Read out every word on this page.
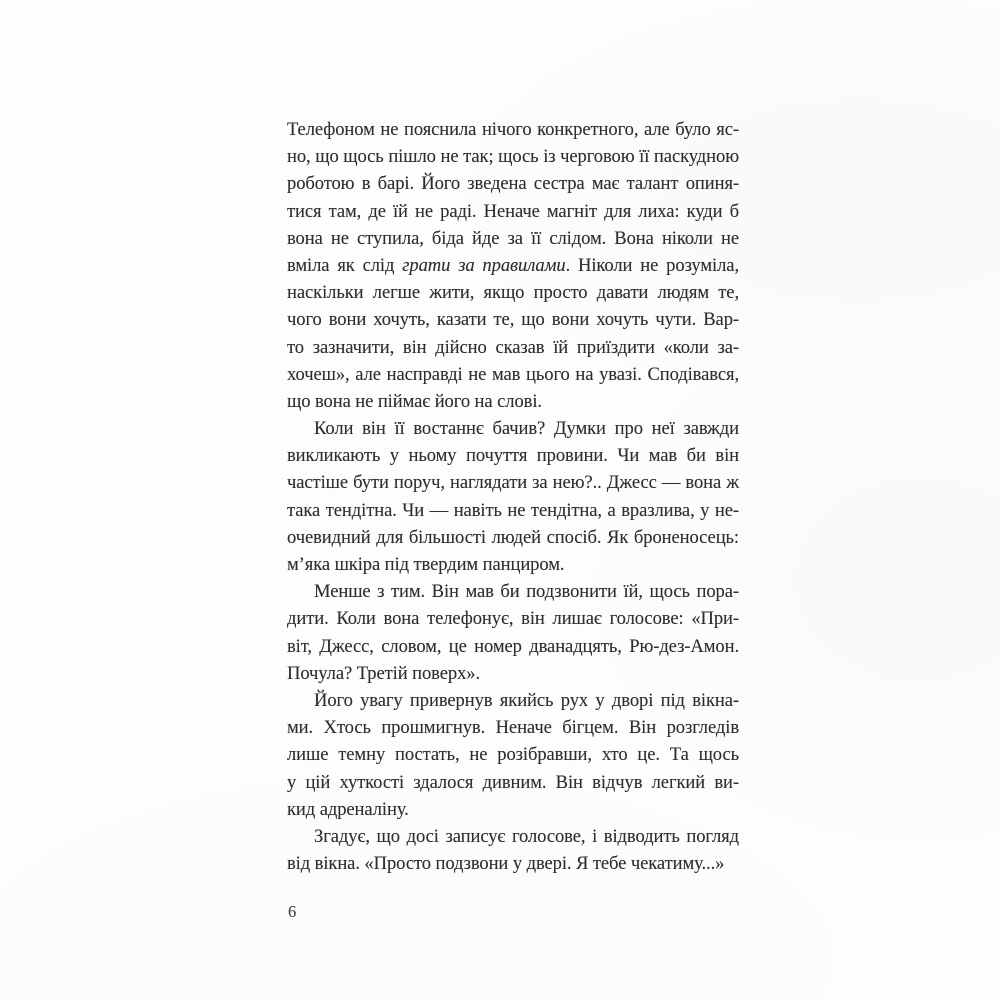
Телефоном не пояснила нічого конкретного, але було яс-
но, що щось пішло не так; щось із черговою її паскудною
роботою в барі. Його зведена сестра має талант опиня-
тися там, де їй не раді. Неначе магніт для лиха: куди б
вона не ступила, біда йде за її слідом. Вона ніколи не
вміла як слід грати за правилами. Ніколи не розуміла,
наскільки легше жити, якщо просто давати людям те,
чого вони хочуть, казати те, що вони хочуть чути. Вар-
то зазначити, він дійсно сказав їй приїздити «коли за-
хочеш», але насправді не мав цього на увазі. Сподівався,
що вона не піймає його на слові.
Коли він її востаннє бачив? Думки про неї завжди
викликають у ньому почуття провини. Чи мав би він
частіше бути поруч, наглядати за нею?.. Джесс — вона ж
така тендітна. Чи — навіть не тендітна, а вразлива, у не-
очевидний для більшості людей спосіб. Як броненосець:
м’яка шкіра під твердим панциром.
Менше з тим. Він мав би подзвонити їй, щось пора-
дити. Коли вона телефонує, він лишає голосове: «При-
віт, Джесс, словом, це номер дванадцять, Рю-дез-Амон.
Почула? Третій поверх».
Його увагу привернув якийсь рух у дворі під вікна-
ми. Хтось прошмигнув. Неначе бігцем. Він розгледів
лише темну постать, не розібравши, хто це. Та щось
у цій хуткості здалося дивним. Він відчув легкий ви-
кид адреналіну.
Згадує, що досі записує голосове, і відводить погляд
від вікна. «Просто подзвони у двері. Я тебе чекатиму...»
6
